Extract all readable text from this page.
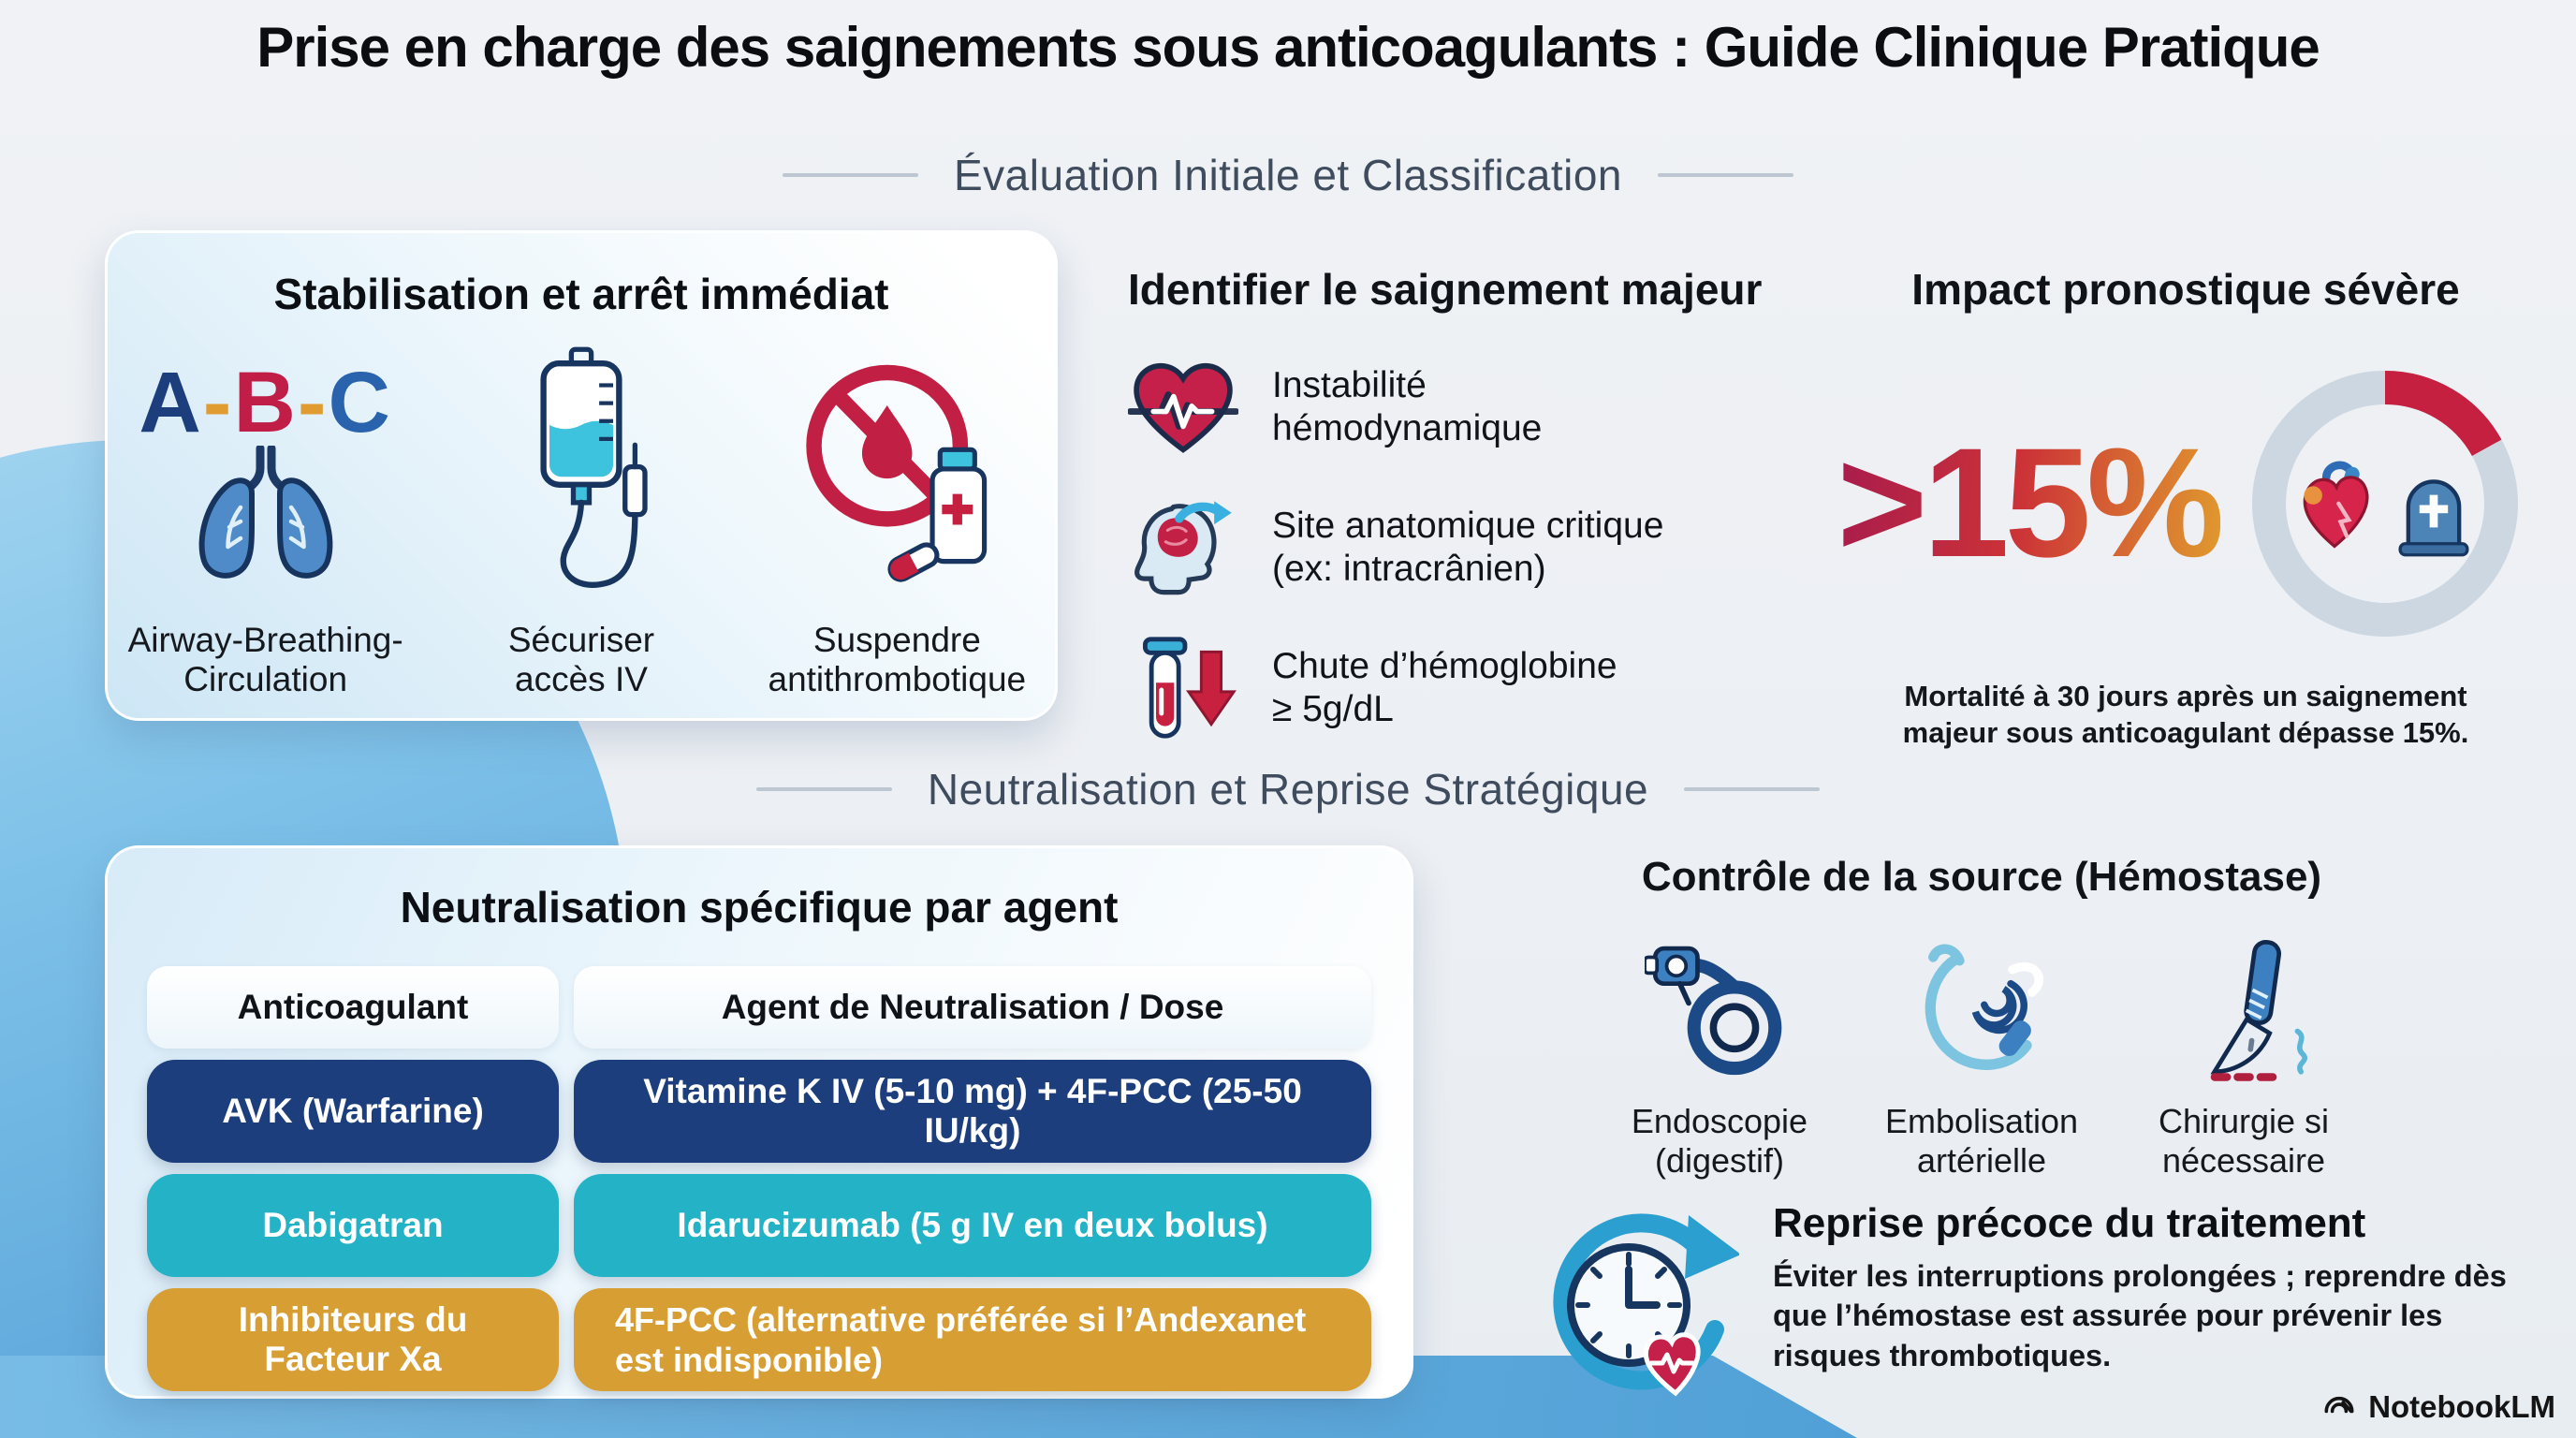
Prise en charge des saignements sous anticoagulants : Guide Clinique Pratique
Évaluation Initiale et Classification
Stabilisation et arrêt immédiat
A-B-C
Airway-Breathing-
Circulation
Sécuriser
accès IV
Suspendre
antithrombotique
Identifier le saignement majeur
Instabilité
hémodynamique
Site anatomique critique
(ex: intracrânien)
Chute d’hémoglobine
≥ 5g/dL
Impact pronostique sévère
>15%
Mortalité à 30 jours après un saignement majeur sous anticoagulant dépasse 15%.
Neutralisation et Reprise Stratégique
Neutralisation spécifique par agent
Anticoagulant	Agent de Neutralisation / Dose
AVK (Warfarine)
Vitamine K IV (5-10 mg) + 4F-PCC (25-50 IU/kg)
Dabigatran	Idarucizumab (5 g IV en deux bolus)
Inhibiteurs du Facteur Xa
4F-PCC (alternative préférée si l’Andexanet est indisponible)
Contrôle de la source (Hémostase)
Endoscopie
(digestif)
Embolisation
artérielle
Chirurgie si
nécessaire
Reprise précoce du traitement

Éviter les interruptions prolongées ; reprendre dès que l’hémostase est assurée pour prévenir les risques thrombotiques.

NotebookLM
